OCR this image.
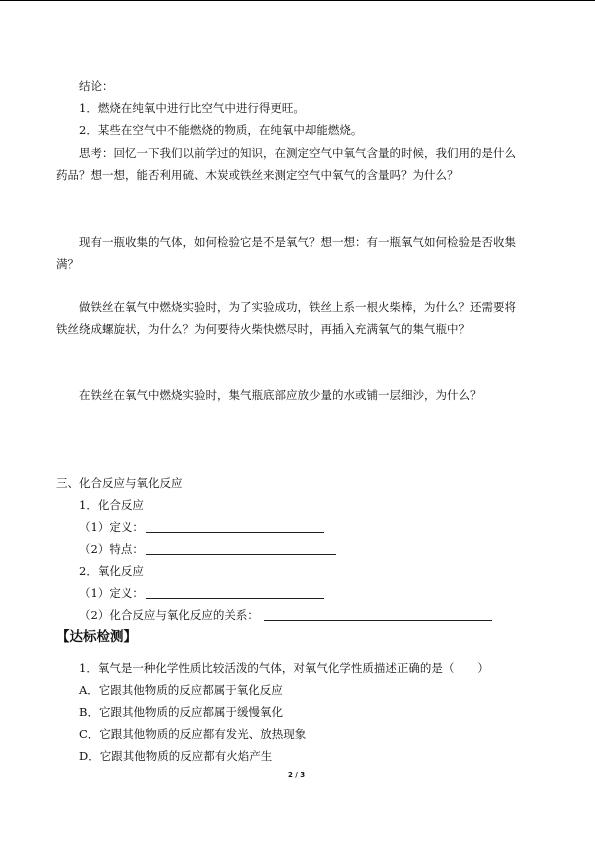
结论：
1．燃烧在纯氧中进行比空气中进行得更旺。
2．某些在空气中不能燃烧的物质，在纯氧中却能燃烧。
思考：回忆一下我们以前学过的知识，在测定空气中氧气含量的时候，我们用的是什么
药品？想一想，能否利用硫、木炭或铁丝来测定空气中氧气的含量吗？为什么？
现有一瓶收集的气体，如何检验它是不是氧气？想一想：有一瓶氧气如何检验是否收集
满？
做铁丝在氧气中燃烧实验时，为了实验成功，铁丝上系一根火柴棒，为什么？还需要将
铁丝绕成螺旋状，为什么？为何要待火柴快燃尽时，再插入充满氧气的集气瓶中？
在铁丝在氧气中燃烧实验时，集气瓶底部应放少量的水或铺一层细沙，为什么？
三、化合反应与氧化反应
1．化合反应
（1）定义：
（2）特点：
2．氧化反应
（1）定义：
（2）化合反应与氧化反应的关系：
【达标检测】
1．氧气是一种化学性质比较活泼的气体，对氧气化学性质描述正确的是（　　）
A．它跟其他物质的反应都属于氧化反应
B．它跟其他物质的反应都属于缓慢氧化
C．它跟其他物质的反应都有发光、放热现象
D．它跟其他物质的反应都有火焰产生
2 / 3
